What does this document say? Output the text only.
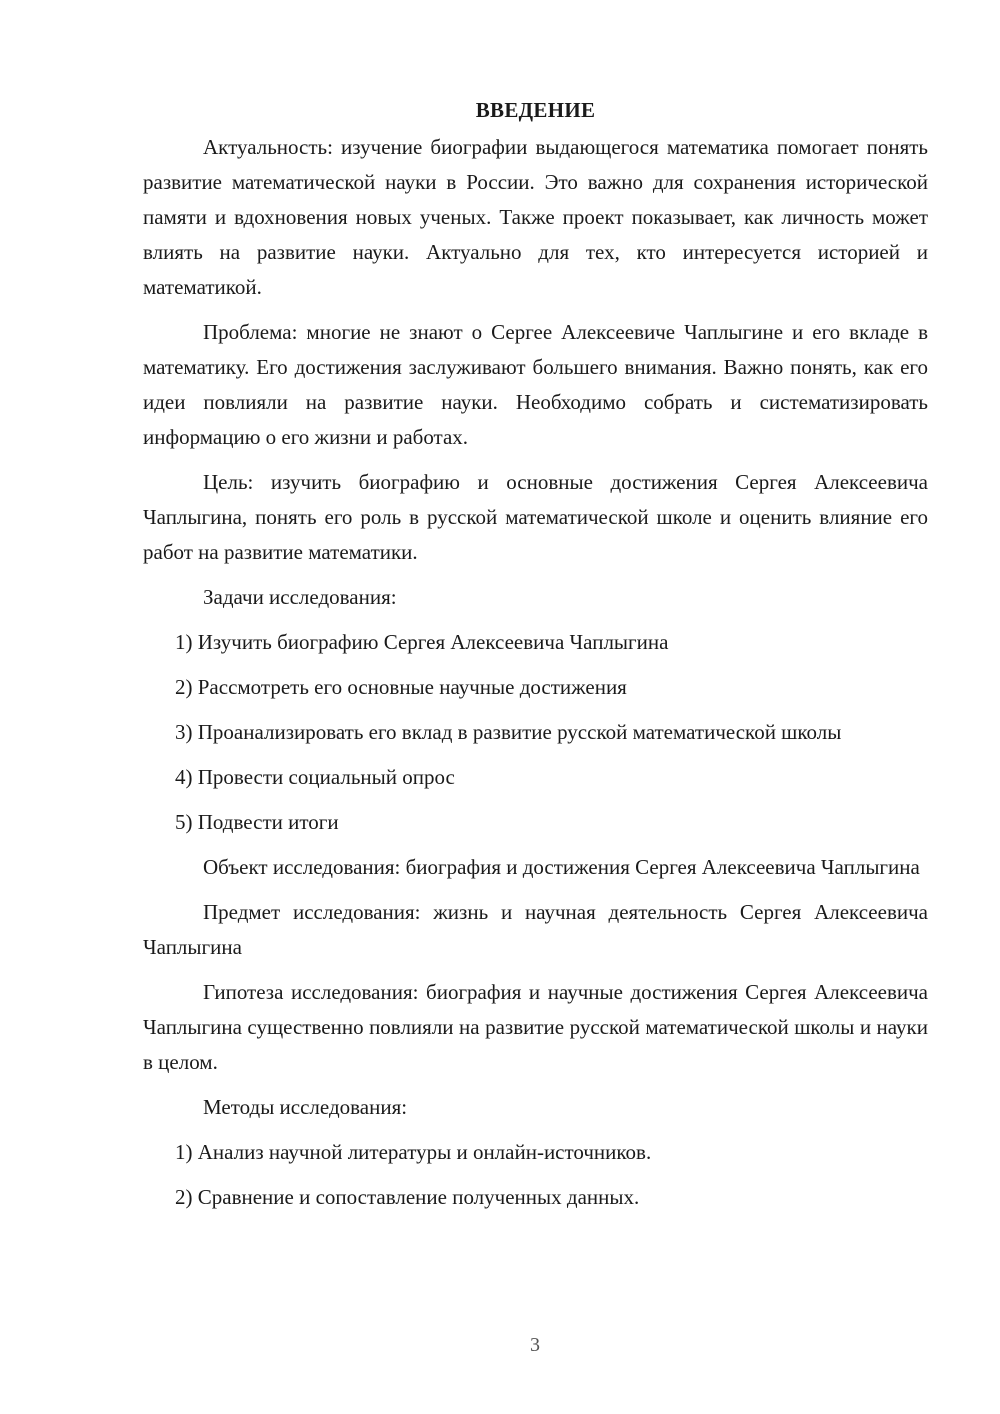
ВВЕДЕНИЕ

Актуальность: изучение биографии выдающегося математика помогает понять развитие математической науки в России. Это важно для сохранения исторической памяти и вдохновения новых ученых. Также проект показывает, как личность может влиять на развитие науки. Актуально для тех, кто интересуется историей и математикой.

Проблема: многие не знают о Сергее Алексеевиче Чаплыгине и его вкладе в математику. Его достижения заслуживают большего внимания. Важно понять, как его идеи повлияли на развитие науки. Необходимо собрать и систематизировать информацию о его жизни и работах.

Цель: изучить биографию и основные достижения Сергея Алексеевича Чаплыгина, понять его роль в русской математической школе и оценить влияние его работ на развитие математики.

Задачи исследования:

1) Изучить биографию Сергея Алексеевича Чаплыгина

2) Рассмотреть его основные научные достижения

3) Проанализировать его вклад в развитие русской математической школы

4) Провести социальный опрос

5) Подвести итоги

Объект исследования: биография и достижения Сергея Алексеевича Чаплыгина

Предмет исследования: жизнь и научная деятельность Сергея Алексеевича Чаплыгина

Гипотеза исследования: биография и научные достижения Сергея Алексеевича Чаплыгина существенно повлияли на развитие русской математической школы и науки в целом.

Методы исследования:

1) Анализ научной литературы и онлайн-источников.

2) Сравнение и сопоставление полученных данных.

3
